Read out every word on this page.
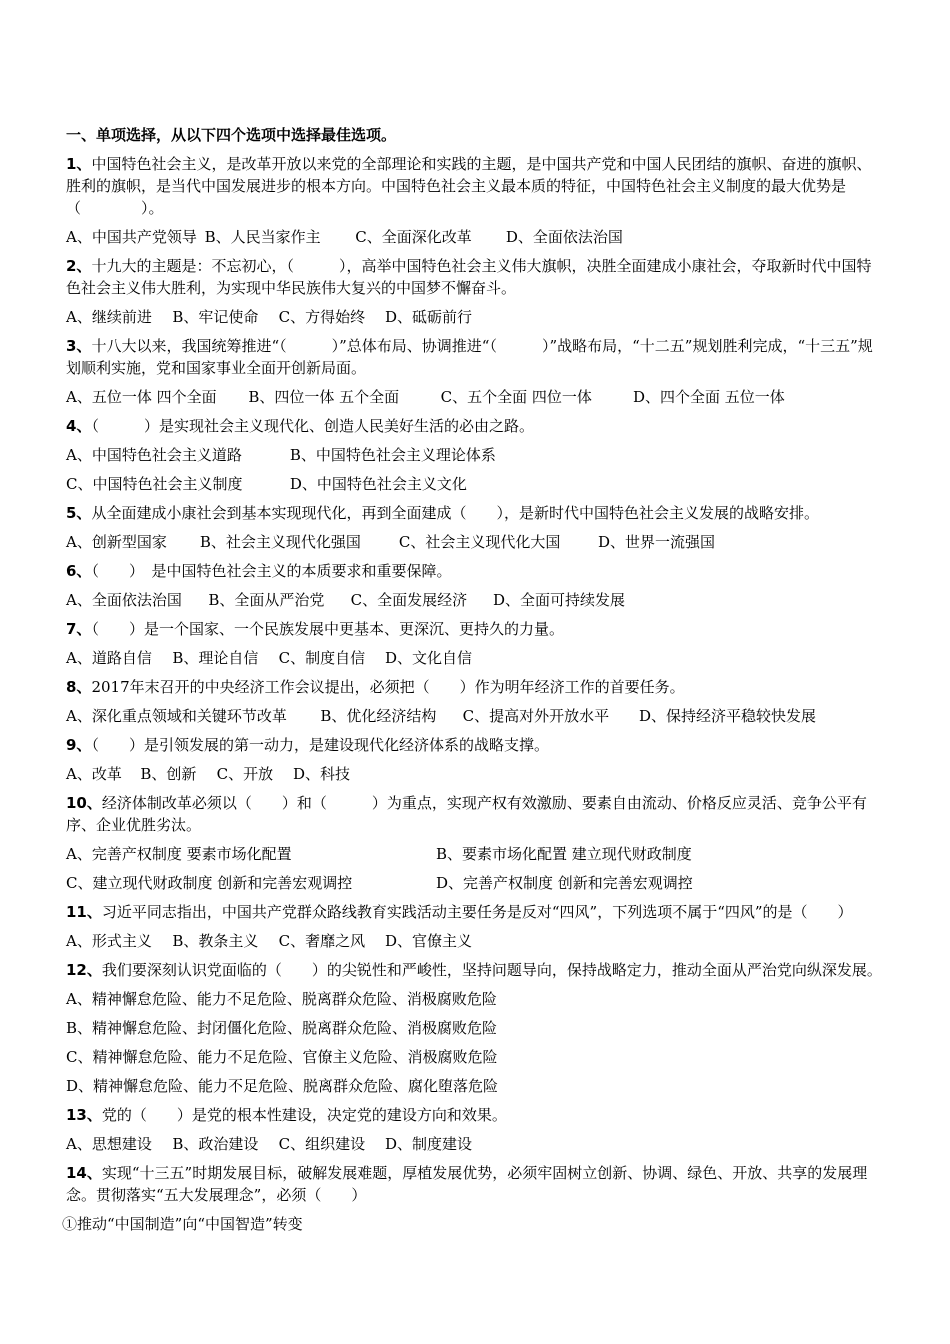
一、单项选择，从以下四个选项中选择最佳选项。

1、中国特色社会主义，是改革开放以来党的全部理论和实践的主题，是中国共产党和中国人民团结的旗帜、奋进的旗帜、胜利的旗帜，是当代中国发展进步的根本方向。中国特色社会主义最本质的特征，中国特色社会主义制度的最大优势是 （　　　　）。

A、中国共产党领导 B、人民当家作主 C、全面深化改革 D、全面依法治国

2、十九大的主题是：不忘初心，（　　　），高举中国特色社会主义伟大旗帜，决胜全面建成小康社会，夺取新时代中国特色社会主义伟大胜利，为实现中华民族伟大复兴的中国梦不懈奋斗。

A、继续前进 B、牢记使命 C、方得始终 D、砥砺前行

3、十八大以来，我国统筹推进“（　　　）”总体布局、协调推进“（　　　）”战略布局，“十二五”规划胜利完成，“十三五”规划顺利实施，党和国家事业全面开创新局面。

A、五位一体 四个全面 B、四位一体 五个全面	C、五个全面 四位一体	D、四个全面 五位一体

4、（　　　）是实现社会主义现代化、创造人民美好生活的必由之路。

A、中国特色社会主义道路	B、中国特色社会主义理论体系
C、中国特色社会主义制度	D、中国特色社会主义文化

5、从全面建成小康社会到基本实现现代化，再到全面建成（　　），是新时代中国特色社会主义发展的战略安排。

A、创新型国家 B、社会主义现代化强国	C、社会主义现代化大国	D、世界一流强国

6、（　　）　是中国特色社会主义的本质要求和重要保障。

A、全面依法治国 B、全面从严治党 C、全面发展经济 D、全面可持续发展

7、（　　）是一个国家、一个民族发展中更基本、更深沉、更持久的力量。

A、道路自信 B、理论自信 C、制度自信 D、文化自信

8、2017年末召开的中央经济工作会议提出，必须把（　　）作为明年经济工作的首要任务。

A、深化重点领域和关键环节改革 B、优化经济结构 C、提高对外开放水平 D、保持经济平稳较快发展

9、（　　）是引领发展的第一动力，是建设现代化经济体系的战略支撑。

A、改革 B、创新 C、开放 D、科技

10、经济体制改革必须以（　　）和（　　　）为重点，实现产权有效激励、要素自由流动、价格反应灵活、竞争公平有序、企业优胜劣汰。

A、完善产权制度 要素市场化配置	B、要素市场化配置 建立现代财政制度
C、建立现代财政制度 创新和完善宏观调控	D、完善产权制度 创新和完善宏观调控

11、习近平同志指出，中国共产党群众路线教育实践活动主要任务是反对“四风”，下列选项不属于“四风”的是（　　）

A、形式主义 B、教条主义 C、奢靡之风 D、官僚主义

12、我们要深刻认识党面临的（　　）的尖锐性和严峻性，坚持问题导向，保持战略定力，推动全面从严治党向纵深发展。

A、精神懈怠危险、能力不足危险、脱离群众危险、消极腐败危险
B、精神懈怠危险、封闭僵化危险、脱离群众危险、消极腐败危险
C、精神懈怠危险、能力不足危险、官僚主义危险、消极腐败危险
D、精神懈怠危险、能力不足危险、脱离群众危险、腐化堕落危险

13、党的（　　）是党的根本性建设，决定党的建设方向和效果。

A、思想建设 B、政治建设 C、组织建设 D、制度建设

14、实现“十三五”时期发展目标，破解发展难题，厚植发展优势，必须牢固树立创新、协调、绿色、开放、共享的发展理念。贯彻落实“五大发展理念”，必须（　　）

①推动“中国制造”向“中国智造”转变
